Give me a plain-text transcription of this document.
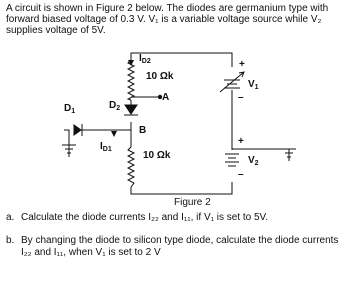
A circuit is shown in Figure 2 below. The diodes are germanium type with forward biased voltage of 0.3 V. V₁ is a variable voltage source while V₂ supplies voltage of 5V.
$I_{D2}$
10 Ωk
A
$D_1$
$D_2$
$I_{D1}$
B
10 Ωk
+
–
$V_1$
+
–
$V_2$
Figure 2
a. Calculate the diode currents I₂₂ and I₁₁, if V₁ is set to 5V.
b. By changing the diode to silicon type diode, calculate the diode currents I₂₂ and I₁₁, when V₁ is set to 2 V
